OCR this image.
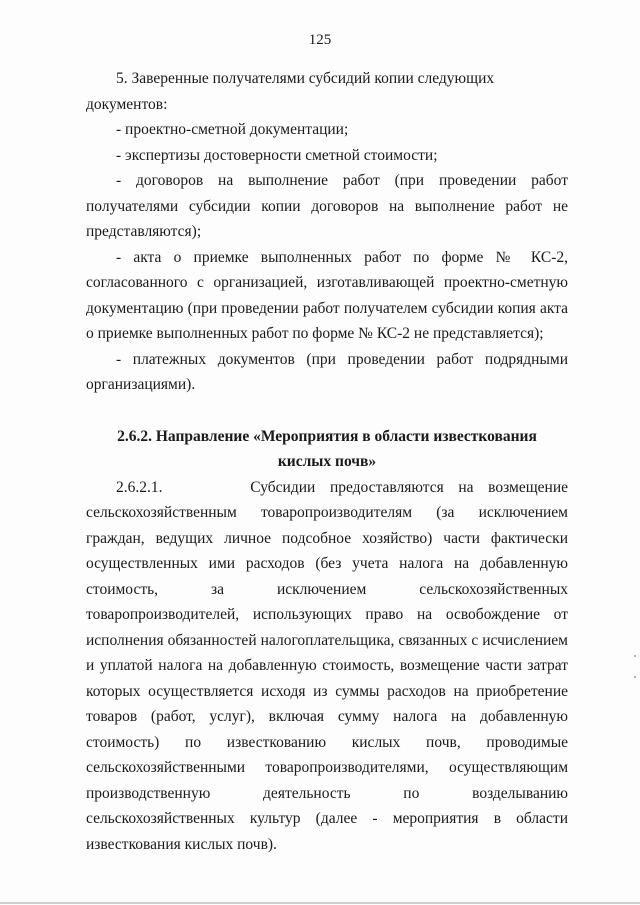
125

5. Заверенные получателями субсидий копии следующих документов:

- проектно-сметной документации;

- экспертизы достоверности сметной стоимости;

- договоров на выполнение работ (при проведении работ получателями субсидии копии договоров на выполнение работ не представляются);

- акта о приемке выполненных работ по форме № КС-2, согласованного с организацией, изготавливающей проектно-сметную документацию (при проведении работ получателем субсидии копия акта о приемке выполненных работ по форме № КС-2 не представляется);

- платежных документов (при проведении работ подрядными организациями).

2.6.2. Направление «Мероприятия в области известкования

кислых почв»

2.6.2.1.	Субсидии предоставляются на возмещение сельскохозяйственным товаропроизводителям (за исключением граждан, ведущих личное подсобное хозяйство) части фактически осуществленных ими расходов (без учета налога на добавленную стоимость, за исключением сельскохозяйственных товаропроизводителей, использующих право на освобождение от исполнения обязанностей налогоплательщика, связанных с исчислением и уплатой налога на добавленную стоимость, возмещение части затрат которых осуществляется исходя из суммы расходов на приобретение товаров (работ, услуг), включая сумму налога на добавленную стоимость) по известкованию кислых почв, проводимые сельскохозяйственными товаропроизводителями, осуществляющим производственную деятельность по возделыванию сельскохозяйственных культур (далее - мероприятия в области известкования кислых почв).
